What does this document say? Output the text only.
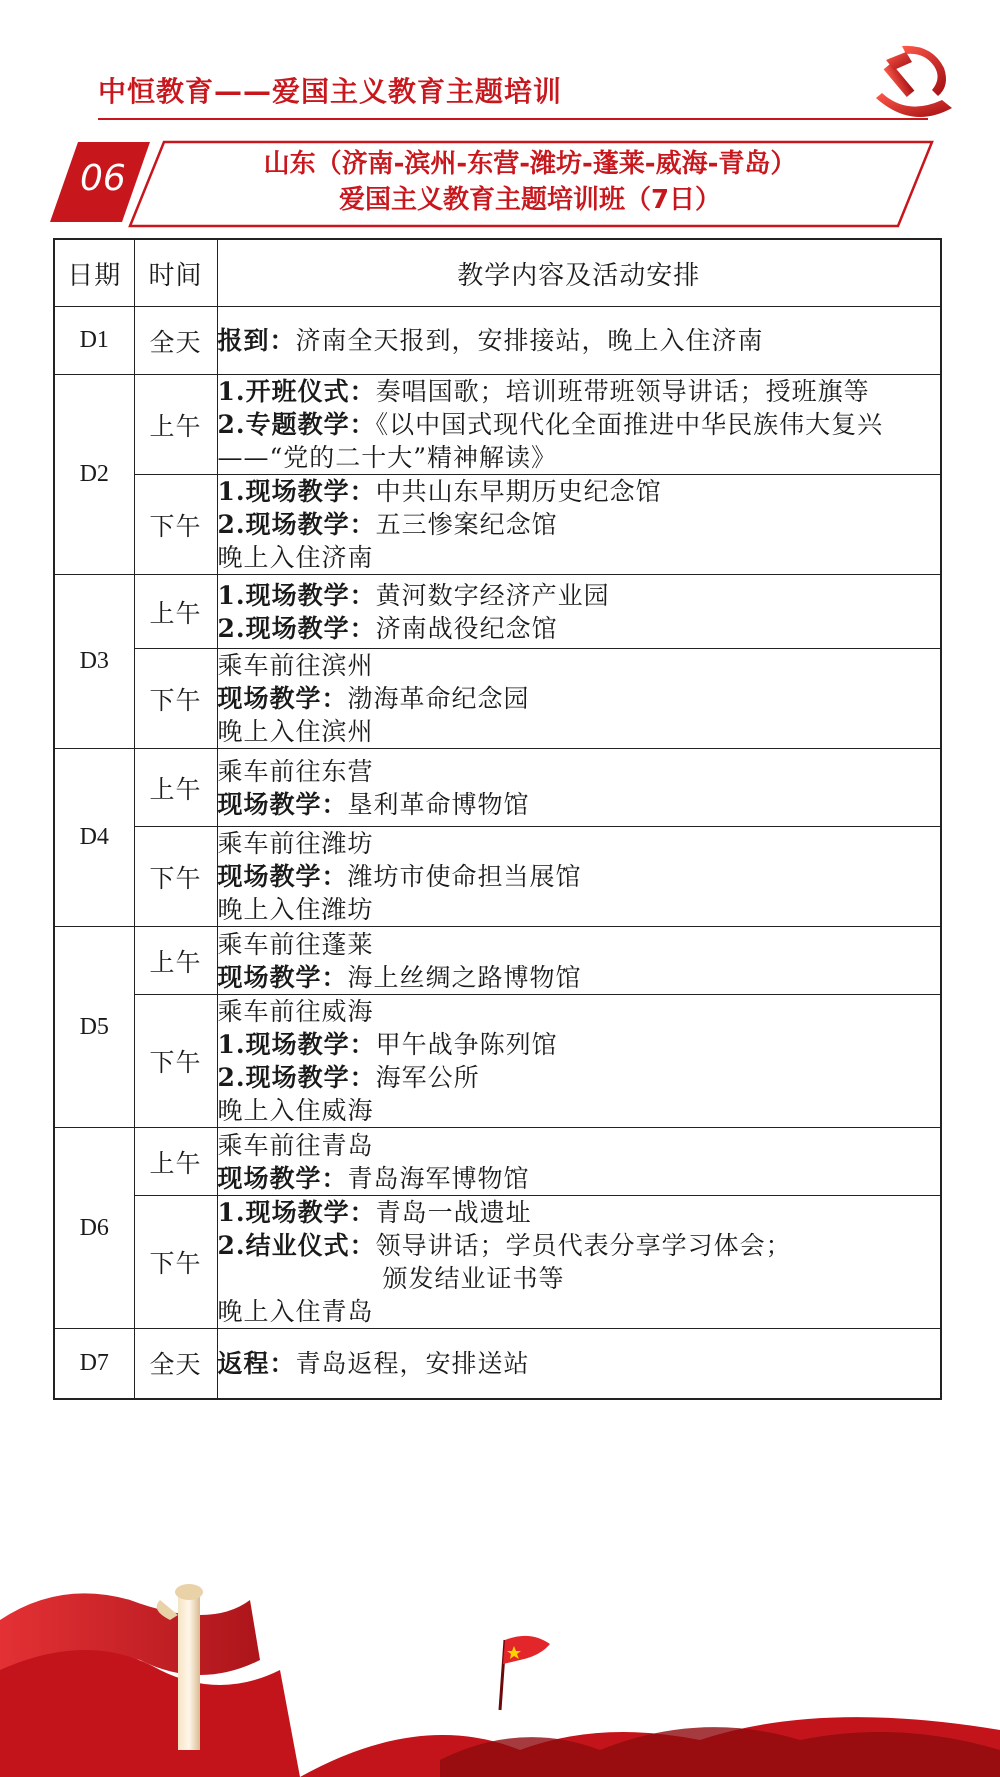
中恒教育——爱国主义教育主题培训
06	山东（济南-滨州-东营-潍坊-蓬莱-威海-青岛）
爱国主义教育主题培训班（7日）
日期	时间	教学内容及活动安排
D1	全天	报到：济南全天报到，安排接站，晚上入住济南

D2	上午	1.开班仪式：奏唱国歌；培训班带班领导讲话；授班旗等
2.专题教学：《以中国式现代化全面推进中华民族伟大复兴——“党的二十大”精神解读》

	下午	1.现场教学：中共山东早期历史纪念馆
2.现场教学：五三惨案纪念馆
晚上入住济南

D3	上午	1.现场教学：黄河数字经济产业园
2.现场教学：济南战役纪念馆

	下午	乘车前往滨州
现场教学：渤海革命纪念园
晚上入住滨州

D4	上午	乘车前往东营
现场教学：垦利革命博物馆

	下午	乘车前往潍坊
现场教学：潍坊市使命担当展馆
晚上入住潍坊

D5	上午	乘车前往蓬莱
现场教学：海上丝绸之路博物馆

	下午	乘车前往威海
1.现场教学：甲午战争陈列馆
2.现场教学：海军公所
晚上入住威海

D6	上午	乘车前往青岛
现场教学：青岛海军博物馆

	下午	1.现场教学：青岛一战遗址
2.结业仪式：领导讲话；学员代表分享学习体会；
颁发结业证书等
晚上入住青岛

D7	全天	返程：青岛返程，安排送站
